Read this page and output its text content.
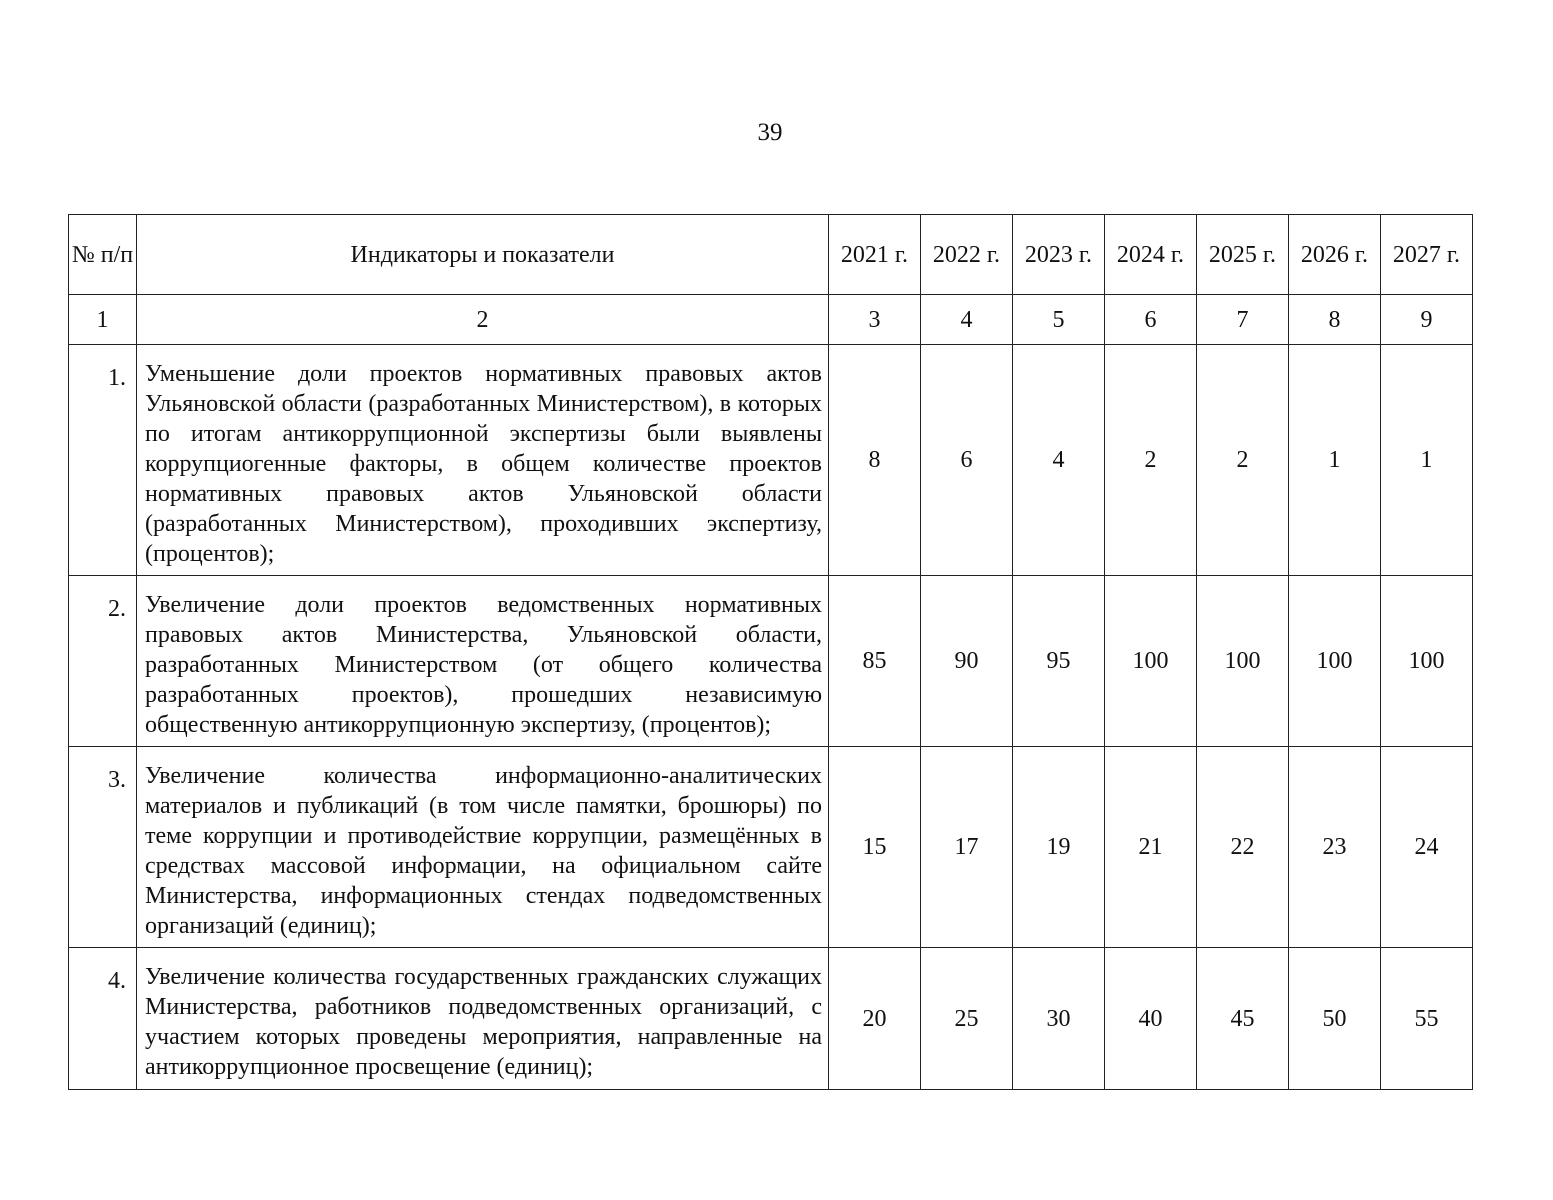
39
№ п/п	Индикаторы и показатели	2021 г.	2022 г.	2023 г.	2024 г.	2025 г.	2026 г.	2027 г.
1	2	3	4	5	6	7	8	9
1.	Уменьшение доли проектов нормативных правовых актов Ульяновской области (разработанных Министерством), в которых по итогам антикоррупционной экспертизы были выявлены коррупциогенные факторы, в общем количестве проектов нормативных правовых актов Ульяновской области (разработанных Министерством), проходивших экспертизу, (процентов);	8	6	4	2	2	1	1
2.	Увеличение доли проектов ведомственных нормативных правовых актов Министерства, Ульяновской области, разработанных Министерством (от общего количества разработанных проектов), прошедших независимую общественную антикоррупционную экспертизу, (процентов);	85	90	95	100	100	100	100
3.	Увеличение количества информационно-аналитических материалов и публикаций (в том числе памятки, брошюры) по теме коррупции и противодействие коррупции, размещённых в средствах массовой информации, на официальном сайте Министерства, информационных стендах подведомственных организаций (единиц);	15	17	19	21	22	23	24
4.	Увеличение количества государственных гражданских служащих Министерства, работников подведомственных организаций, с участием которых проведены мероприятия, направленные на антикоррупционное просвещение (единиц);	20	25	30	40	45	50	55
